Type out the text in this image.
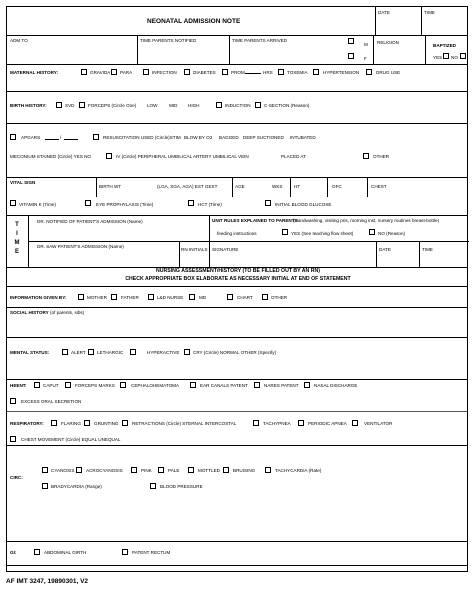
NEONATAL ADMISSION NOTE
DATE	TIME
ADM TO	TIME PARENTS NOTIFIED	TIME PARENTS ARRIVED
M
F
RELIGION
BAPTIZED
YES NO
MATERNAL HISTORY:	GRAVIDA PARA	INFECTION	DIABETES	PROM	HRS	TOXEMIA	HYPERTENSION	DRUG USE
BIRTH HISTORY:	SVD	FORCEPS (Circle One) LOW	MID HIGH	INDUCTION	C-SECTION (Reason)
APGARS	/	RESUSCITATION USED (Circle)STIM BLOW BY O2 BAGGED DEEP SUCTIONED INTUBATED
MECONIUM STAINED (Circle) YES NO	IV (Circle) PERIPHERAL UMBILICAL ARTERY UMBILICAL VEIN	PLACED AT	OTHER
VITAL SIGN
BIRTH WT	(LGA, SGA, AGA) EST GEST	AGE	WKS	HT	OFC	CHEST
VITAMIN K (Time)	EYE PROPHYLAXIS (Time)	HCT (Time)	INITIAL BLOOD GLUCOSE
T
I
M
E
DR. NOTIFIED OF PATIENT'S ADMISSION (Name)
DR. SAW PATIENT'S ADMISSION (Name)
RN INITIALS
UNIT RULES EXPLAINED TO PARENTS
(Handwashing, visiting pris, rooming inst, nursery routines breast-bottle)
feeding instructions	YES (See teaching flow sheet)	NO (Reason)
SIGNATURE	DATE	TIME
NURSING ASSESSMENT/HISTORY (TO BE FILLED OUT BY AN RN)
CHECK APPROPRIATE BOX ELABORATE AS NECESSARY INITIAL AT END OF STATEMENT
INFORMATION GIVEN BY:	MOTHER	FATHER	L&D NURSE	MD	CHART	OTHER
SOCIAL HISTORY (of parents, sibs)
MENTAL STATUS:	ALERT LETHARGIC	HYPERACTIVE	CRY (Circle) NORMAL OTHER (Specify)
HEENT:	CAPUT	FORCEPS MARKS	CEPHALOHEMATOMA	EAR CANALS PATENT	NARES PATENT	NASAL DISCHARGE
EXCESS ORAL SECRETION
RESPIRATORY:	FLARING	GRUNTING	RETRACTIONS (Circle) STERNAL INTERCOSTAL	TACHYPNEA	PERIODIC APNEA	VENTILATOR
CHEST MOVEMENT (Circle) EQUAL UNEQUAL
CIRC:
CYANOSIS	ACROCYANOSIS	PINK	PALE	MOTTLED	BRUISING	TACHYCARDIA (Rate)
BRADYCARDIA (Range)	BLOOD PRESSURE
GI:	ABDOMINAL GIRTH	PATENT RECTUM
AF IMT 3247, 19890301, V2
